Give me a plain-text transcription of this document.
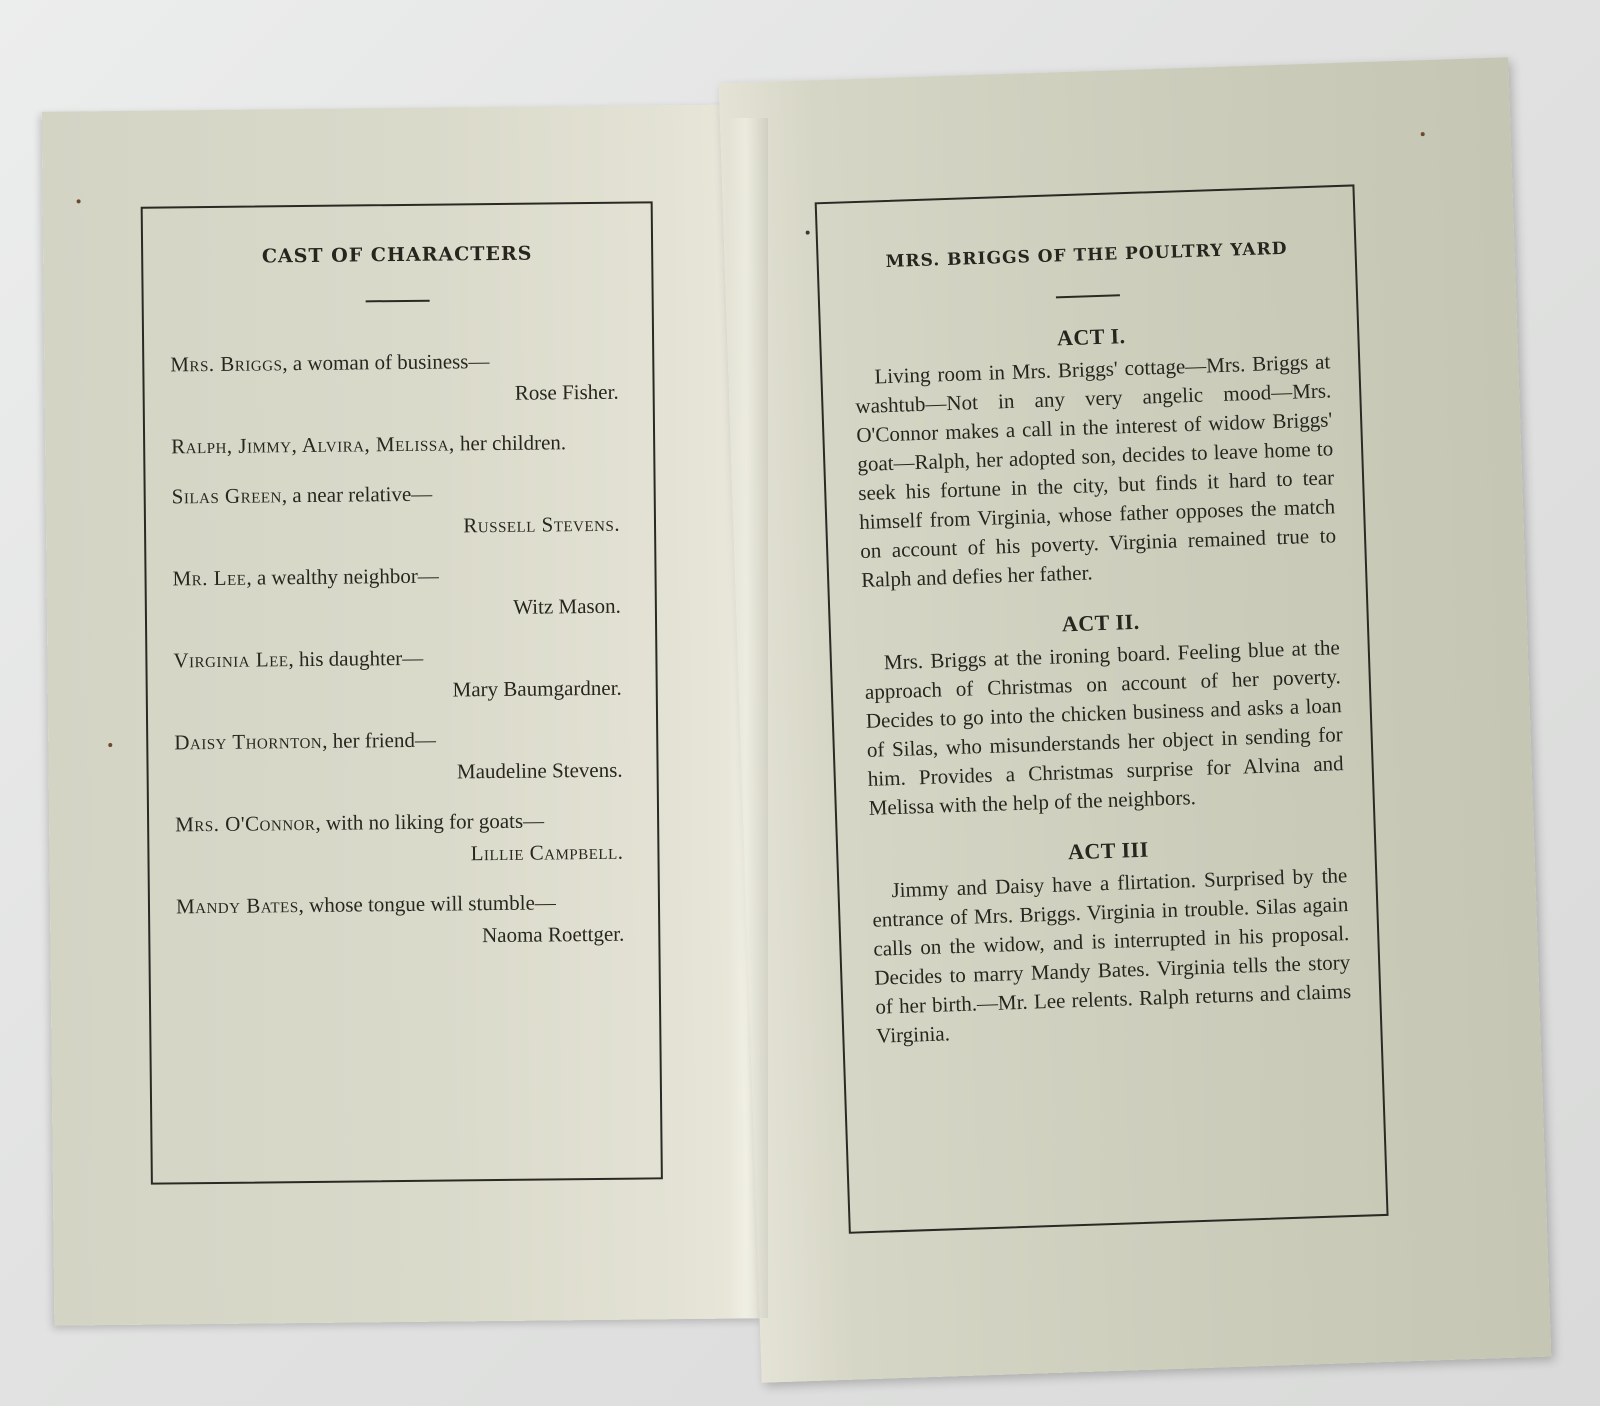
CAST OF CHARACTERS
Mrs. Briggs, a woman of business—
Rose Fisher.
Ralph, Jimmy, Alvira, Melissa, her children.
Silas Green, a near relative—
Russell Stevens.
Mr. Lee, a wealthy neighbor—
Witz Mason.
Virginia Lee, his daughter—
Mary Baumgardner.
Daisy Thornton, her friend—
Maudeline Stevens.
Mrs. O'Connor, with no liking for goats—
Lillie Campbell.
Mandy Bates, whose tongue will stumble—
Naoma Roettger.
MRS. BRIGGS OF THE POULTRY YARD
ACT I.

Living room in Mrs. Briggs' cottage—Mrs. Briggs at washtub—Not in any very angelic mood—Mrs. O'Connor makes a call in the interest of widow Briggs' goat—Ralph, her adopted son, decides to leave home to seek his fortune in the city, but finds it hard to tear himself from Virginia, whose father opposes the match on account of his poverty. Virginia remained true to Ralph and defies her father.

ACT II.

Mrs. Briggs at the ironing board. Feeling blue at the approach of Christmas on account of her poverty. Decides to go into the chicken business and asks a loan of Silas, who misunderstands her object in sending for him. Provides a Christmas surprise for Alvina and Melissa with the help of the neighbors.

ACT III

Jimmy and Daisy have a flirtation. Surprised by the entrance of Mrs. Briggs. Virginia in trouble. Silas again calls on the widow, and is interrupted in his proposal. Decides to marry Mandy Bates. Virginia tells the story of her birth.—Mr. Lee relents. Ralph returns and claims Virginia.
